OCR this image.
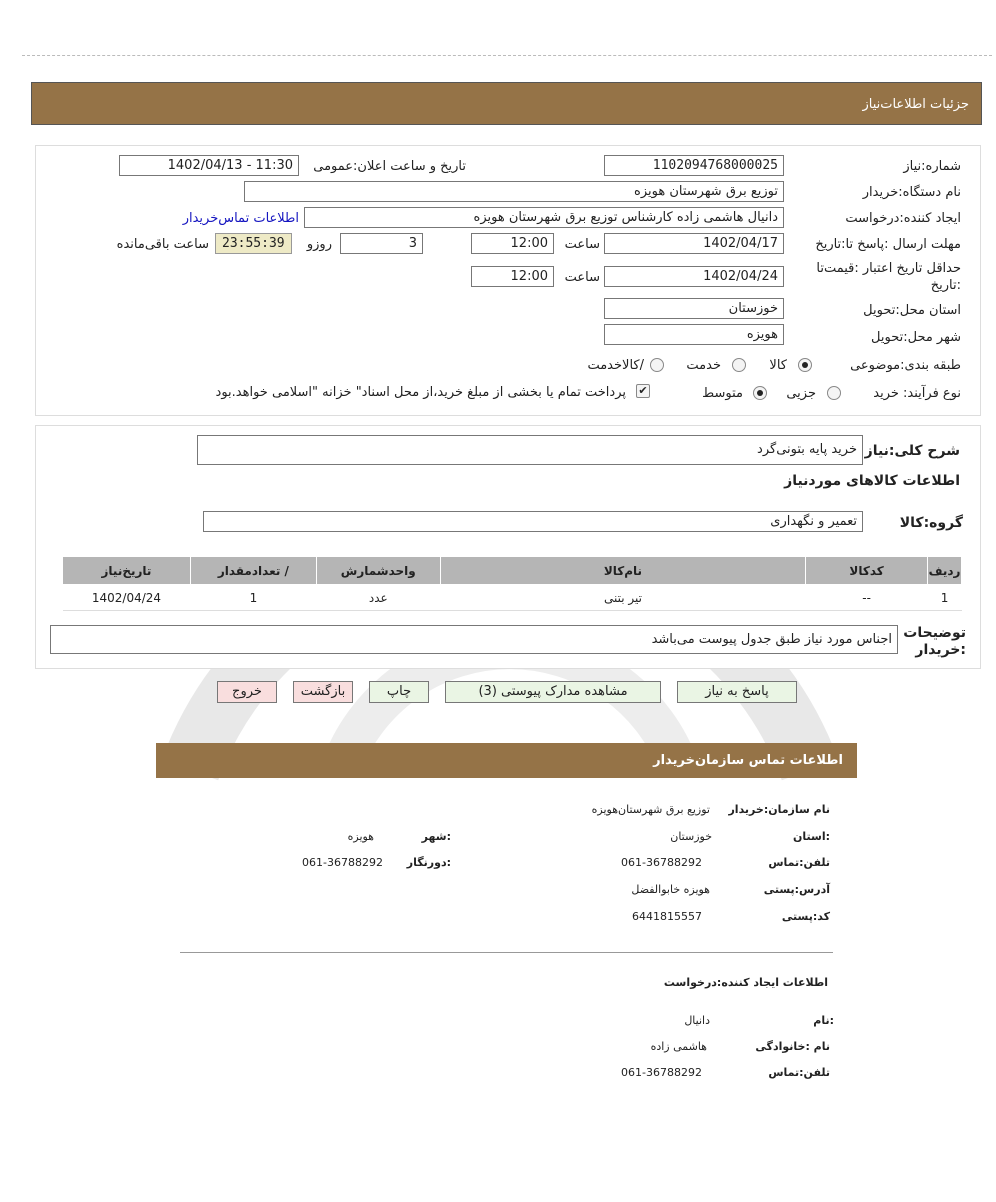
جزئیات اطلاعات‌نیاز
شماره:نیاز
1102094768000025
تاریخ و ساعت اعلان:عمومی
1402/04/13 - 11:30
نام دستگاه:خریدار
توزیع برق شهرستان هویزه
ایجاد کننده:درخواست
دانیال هاشمی زاده کارشناس توزیع برق شهرستان هویزه
اطلاعات تماس‌خریدار
مهلت ارسال :پاسخ تا:تاریخ
1402/04/17
ساعت
12:00
3
روزو
23:55:39
ساعت باقی‌مانده
حداقل تاریخ اعتبار :قیمت‌تا
:تاریخ
1402/04/24
ساعت
12:00
استان محل:تحویل
خوزستان
شهر محل:تحویل
هویزه
طبقه بندی:موضوعی
کالا
خدمت
/کالاخدمت
نوع فرآیند: خرید
جزیی
متوسط
✔
پرداخت تمام یا بخشی از مبلغ خرید،از محل اسناد" خزانه "اسلامی خواهد.بود
شرح کلی:نیاز
خرید پایه بتونی‌گرد
اطلاعات کالاهای موردنیاز
گروه:کالا
تعمیر و نگهداری
ردیف	کدکالا	نام‌کالا	واحدشمارش	/ تعدادمقدار	تاریخ‌نیاز
1	--	تیر بتنی	عدد	1	1402/04/24
توضیحات
:خریدار
اجناس مورد نیاز طبق جدول پیوست می‌باشد
پاسخ به نیاز
مشاهده مدارک پیوستی (3)
چاپ
بازگشت
خروج
اطلاعات تماس سازمان‌خریدار
نام سازمان:خریدار
توزیع برق شهرستان‌هویزه
:استان
خوزستان
:شهر
هویزه
تلفن:تماس
061-36788292
:دورنگار
061-36788292
آدرس:پستی
هویزه خابوالفضل
کد:پستی
6441815557
اطلاعات ایجاد کننده:درخواست
:نام
دانیال
نام :خانوادگی
هاشمی زاده
تلفن:تماس
061-36788292
